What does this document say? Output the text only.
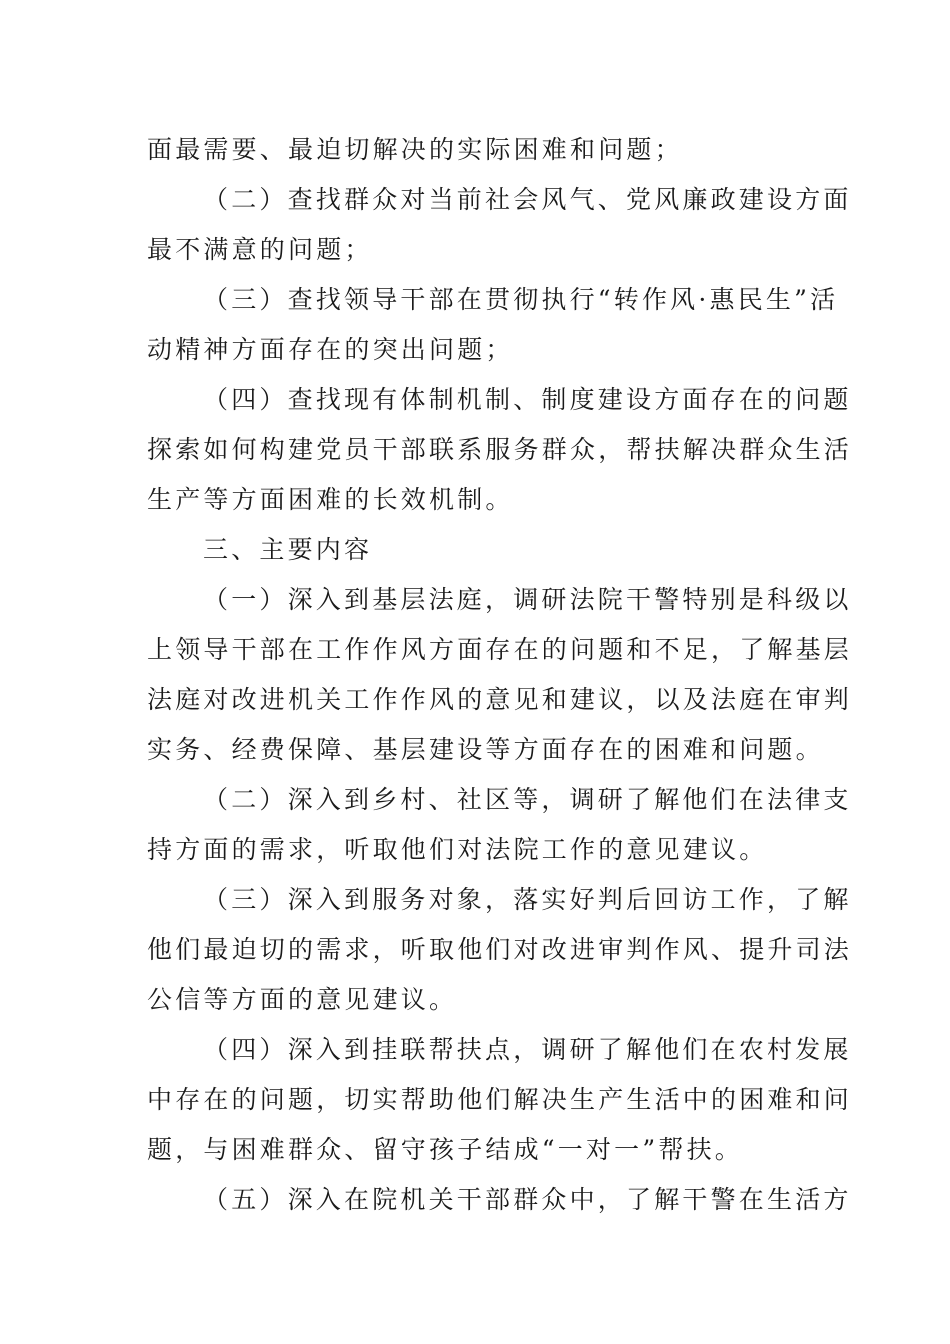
面最需要、最迫切解决的实际困难和问题；
（二）查找群众对当前社会风气、党风廉政建设方面
最不满意的问题；
（三）查找领导干部在贯彻执行“转作风·惠民生”活
动精神方面存在的突出问题；
（四）查找现有体制机制、制度建设方面存在的问题
探索如何构建党员干部联系服务群众，帮扶解决群众生活
生产等方面困难的长效机制。
三、主要内容
（一）深入到基层法庭，调研法院干警特别是科级以
上领导干部在工作作风方面存在的问题和不足，了解基层
法庭对改进机关工作作风的意见和建议，以及法庭在审判
实务、经费保障、基层建设等方面存在的困难和问题。
（二）深入到乡村、社区等，调研了解他们在法律支
持方面的需求，听取他们对法院工作的意见建议。
（三）深入到服务对象，落实好判后回访工作，了解
他们最迫切的需求，听取他们对改进审判作风、提升司法
公信等方面的意见建议。
（四）深入到挂联帮扶点，调研了解他们在农村发展
中存在的问题，切实帮助他们解决生产生活中的困难和问
题，与困难群众、留守孩子结成“一对一”帮扶。
（五）深入在院机关干部群众中，了解干警在生活方
